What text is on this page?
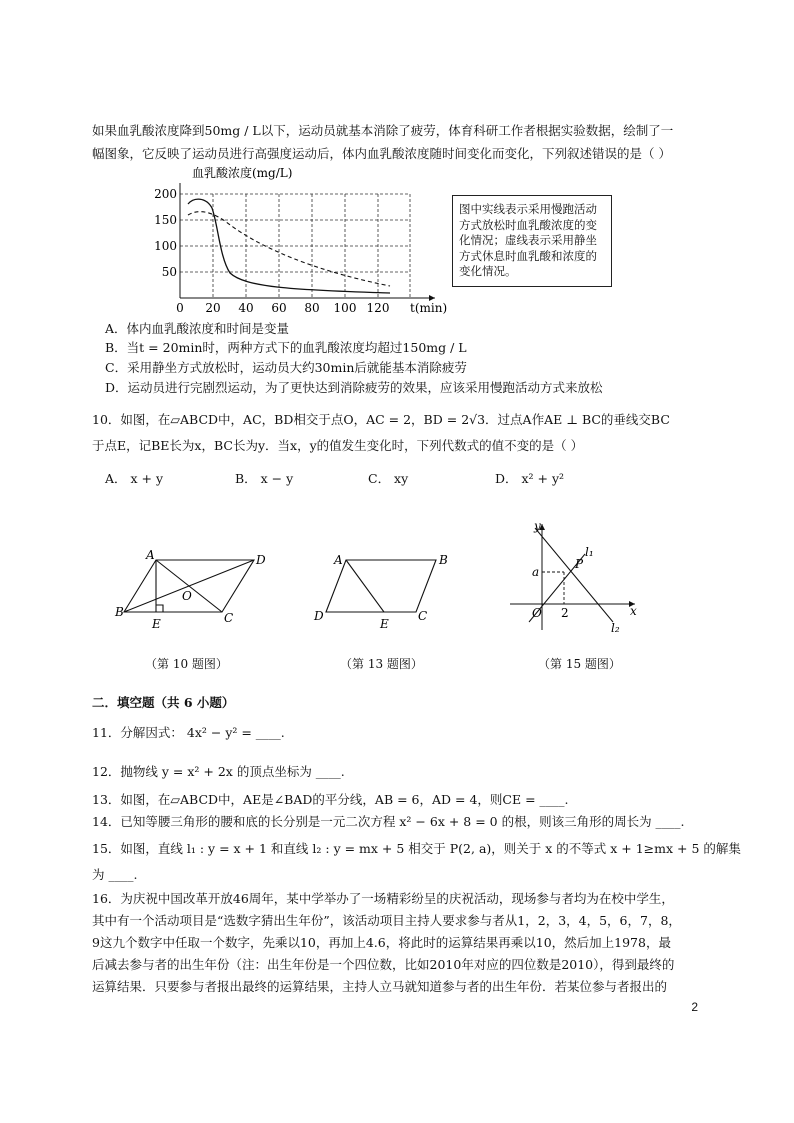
如果血乳酸浓度降到50mg / L以下，运动员就基本消除了疲劳，体育科研工作者根据实验数据，绘制了一
幅图象，它反映了运动员进行高强度运动后，体内血乳酸浓度随时间变化而变化，下列叙述错误的是（ ）
血乳酸浓度(mg/L)
200
150
100
50
0 20 40 60 80 100 120 t(min)
图中实线表示采用慢跑活动
方式放松时血乳酸浓度的变
化情况；虚线表示采用静坐
方式休息时血乳酸和浓度的
变化情况。
A．体内血乳酸浓度和时间是变量
B．当t = 20min时，两种方式下的血乳酸浓度均超过150mg / L
C．采用静坐方式放松时，运动员大约30min后就能基本消除疲劳
D．运动员进行完剧烈运动，为了更快达到消除疲劳的效果，应该采用慢跑活动方式来放松
10．如图，在▱ABCD中，AC，BD相交于点O，AC = 2，BD = 2√3．过点A作AE ⊥ BC的垂线交BC
于点E，记BE长为x，BC长为y．当x，y的值发生变化时，下列代数式的值不变的是（ ）
A． x + y	B． x − y	C． xy	D． x² + y²
A	D
B	C
O
E
（第 10 题图）
A	B
D
E
C
（第 13 题图）
y
x
O
a
2
P
l₁
l₂
（第 15 题图）
二．填空题（共 6 小题）
11．分解因式： 4x² − y² = ____.
12．抛物线 y = x² + 2x 的顶点坐标为 ____.
13．如图，在▱ABCD中，AE是∠BAD的平分线，AB = 6，AD = 4，则CE = ____.
14．已知等腰三角形的腰和底的长分别是一元二次方程 x² − 6x + 8 = 0 的根，则该三角形的周长为 ____.
15．如图，直线 l₁ : y = x + 1 和直线 l₂ : y = mx + 5 相交于 P(2, a)，则关于 x 的不等式 x + 1≥mx + 5 的解集
为 ____.
16．为庆祝中国改革开放46周年，某中学举办了一场精彩纷呈的庆祝活动，现场参与者均为在校中学生，
其中有一个活动项目是“选数字猜出生年份”，该活动项目主持人要求参与者从1，2，3，4，5，6，7，8，
9这九个数字中任取一个数字，先乘以10，再加上4.6，将此时的运算结果再乘以10，然后加上1978，最
后减去参与者的出生年份（注：出生年份是一个四位数，比如2010年对应的四位数是2010），得到最终的
运算结果．只要参与者报出最终的运算结果，主持人立马就知道参与者的出生年份．若某位参与者报出的
2
